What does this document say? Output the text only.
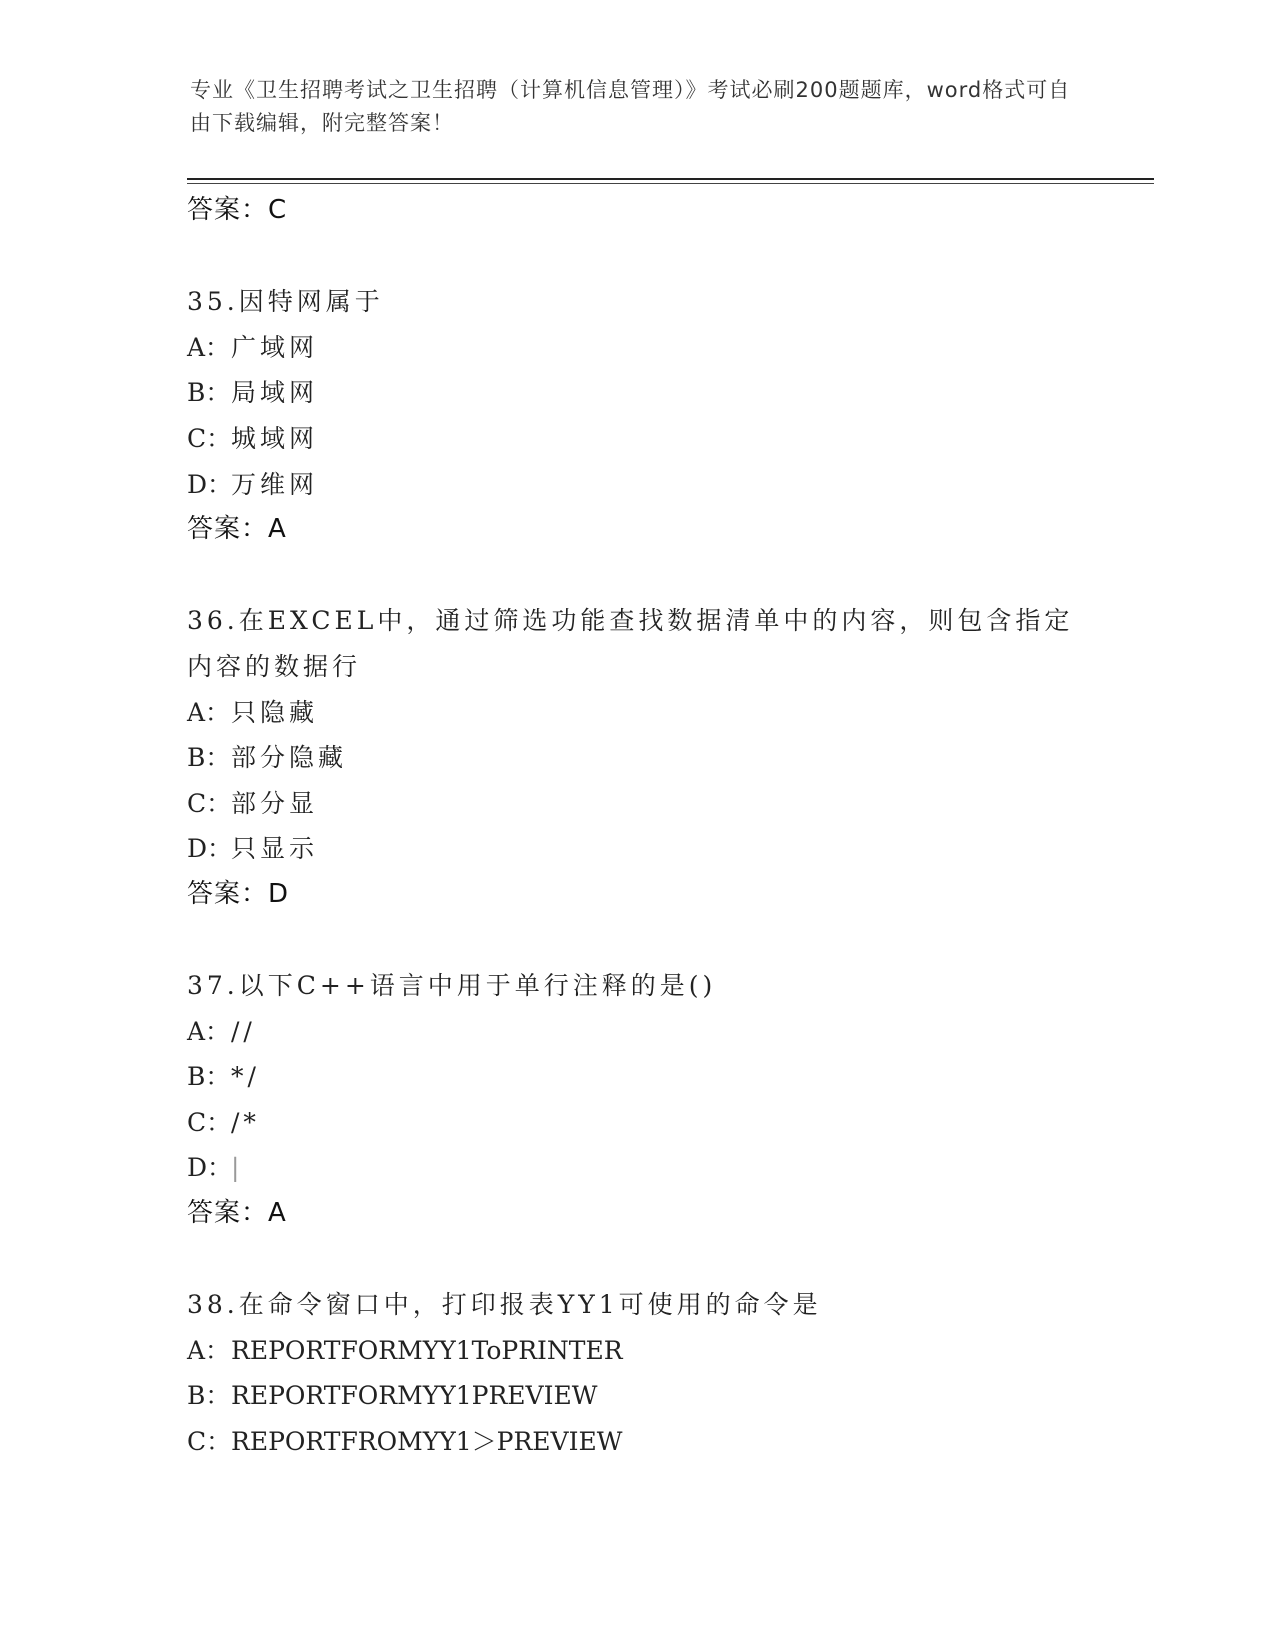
专业《卫生招聘考试之卫生招聘（计算机信息管理）》考试必刷200题题库，word格式可自由下载编辑，附完整答案！
答案：C
35.因特网属于
A：广域网
B：局域网
C：城域网
D：万维网
答案：A
36.在EXCEL中，通过筛选功能查找数据清单中的内容，则包含指定内容的数据行
A：只隐藏
B：部分隐藏
C：部分显
D：只显示
答案：D
37.以下C++语言中用于单行注释的是()
A：//
B：*/
C：/*
D：|
答案：A
38.在命令窗口中，打印报表YY1可使用的命令是
A：REPORTFORMYY1ToPRINTER
B：REPORTFORMYY1PREVIEW
C：REPORTFROMYY1＞PREVIEW
